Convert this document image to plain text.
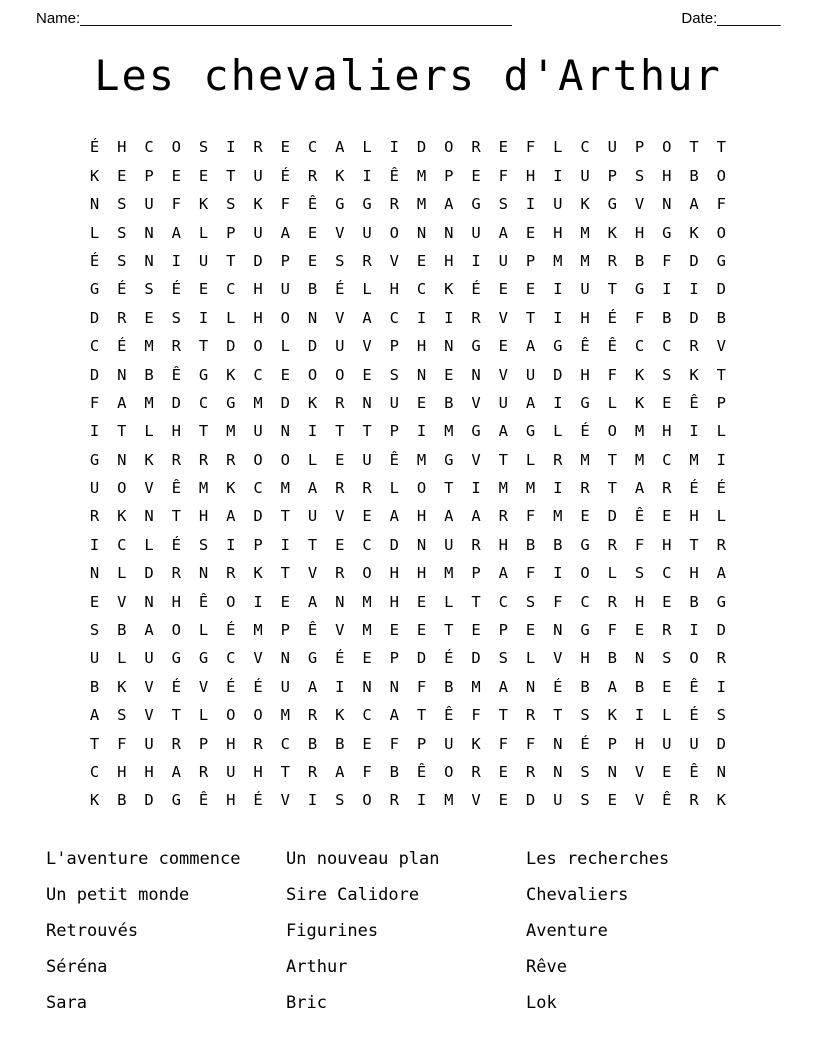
Name: _______________________________________________________	Date: ________
Les chevaliers d'Arthur
É	H	C	O	S	I	R	E	C	A	L	I	D	O	R	E	F	L	C	U	P	O	T	T
K	E	P	E	E	T	U	É	R	K	I	Ê	M	P	E	F	H	I	U	P	S	H	B	O
N	S	U	F	K	S	K	F	Ê	G	G	R	M	A	G	S	I	U	K	G	V	N	A	F
L	S	N	A	L	P	U	A	E	V	U	O	N	N	U	A	E	H	M	K	H	G	K	O
É	S	N	I	U	T	D	P	E	S	R	V	E	H	I	U	P	M	M	R	B	F	D	G
G	É	S	É	E	C	H	U	B	É	L	H	C	K	É	E	E	I	U	T	G	I	I	D
D	R	E	S	I	L	H	O	N	V	A	C	I	I	R	V	T	I	H	É	F	B	D	B
C	É	M	R	T	D	O	L	D	U	V	P	H	N	G	E	A	G	Ê	Ê	C	C	R	V
D	N	B	Ê	G	K	C	E	O	O	E	S	N	E	N	V	U	D	H	F	K	S	K	T
F	A	M	D	C	G	M	D	K	R	N	U	E	B	V	U	A	I	G	L	K	E	Ê	P
I	T	L	H	T	M	U	N	I	T	T	P	I	M	G	A	G	L	É	O	M	H	I	L
G	N	K	R	R	R	O	O	L	E	U	Ê	M	G	V	T	L	R	M	T	M	C	M	I
U	O	V	Ê	M	K	C	M	A	R	R	L	O	T	I	M	M	I	R	T	A	R	É	É
R	K	N	T	H	A	D	T	U	V	E	A	H	A	A	R	F	M	E	D	Ê	E	H	L
I	C	L	É	S	I	P	I	T	E	C	D	N	U	R	H	B	B	G	R	F	H	T	R
N	L	D	R	N	R	K	T	V	R	O	H	H	M	P	A	F	I	O	L	S	C	H	A
E	V	N	H	Ê	O	I	E	A	N	M	H	E	L	T	C	S	F	C	R	H	E	B	G
S	B	A	O	L	É	M	P	Ê	V	M	E	E	T	E	P	E	N	G	F	E	R	I	D
U	L	U	G	G	C	V	N	G	É	E	P	D	É	D	S	L	V	H	B	N	S	O	R
B	K	V	É	V	É	É	U	A	I	N	N	F	B	M	A	N	É	B	A	B	E	Ê	I
A	S	V	T	L	O	O	M	R	K	C	A	T	Ê	F	T	R	T	S	K	I	L	É	S
T	F	U	R	P	H	R	C	B	B	E	F	P	U	K	F	F	N	É	P	H	U	U	D
C	H	H	A	R	U	H	T	R	A	F	B	Ê	O	R	E	R	N	S	N	V	E	Ê	N
K	B	D	G	Ê	H	É	V	I	S	O	R	I	M	V	E	D	U	S	E	V	Ê	R	K
L'aventure commence	Un nouveau plan	Les recherches
Un petit monde	Sire Calidore	Chevaliers
Retrouvés	Figurines	Aventure
Séréna	Arthur	Rêve
Sara	Bric	Lok
